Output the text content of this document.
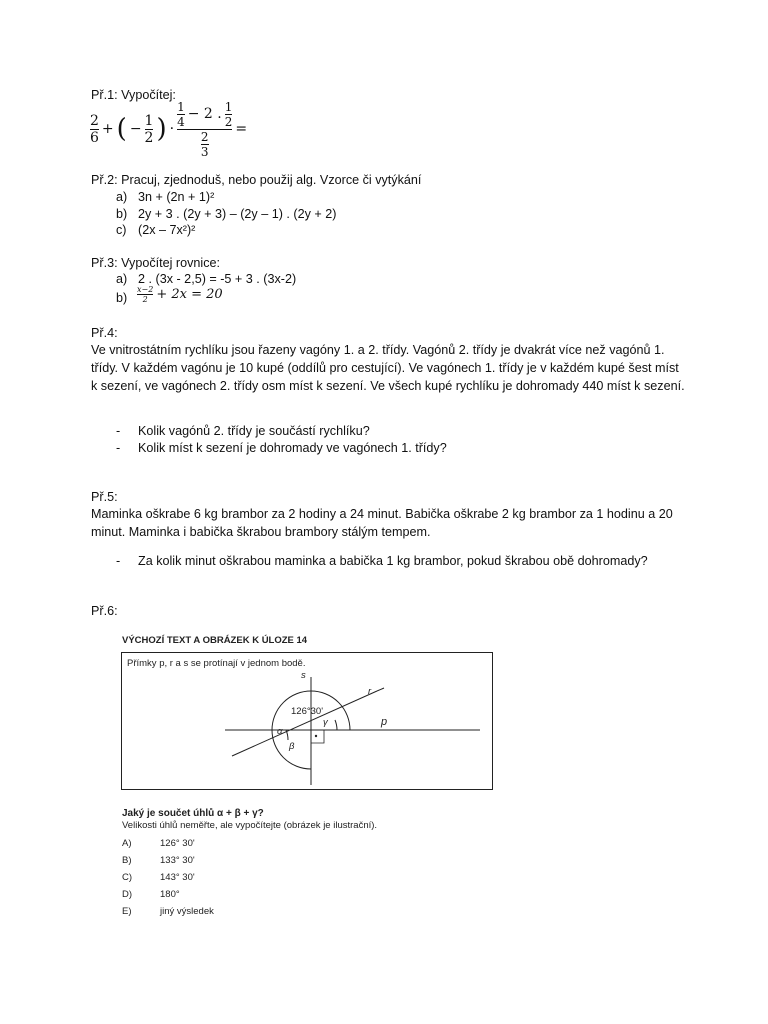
Př.1: Vypočítej:
$\frac{2}{6}$ + ( − $\frac{1}{2}$ ) ·
$\frac{1}{4} - 2$ . $\frac{1}{2}$
$\frac{2}{3}$
=
Př.2: Pracuj, zjednoduš, nebo použij alg. Vzorce či vytýkání
a) 3n + (2n + 1)²
b) 2y + 3 . (2y + 3) – (2y – 1) . (2y + 2)
c) (2x – 7x²)²
Př.3: Vypočítej rovnice:
a) 2 . (3x - 2,5) = -5 + 3 . (3x-2)
$b) \frac{x-2}{2} + 2x = 20$
Př.4:
Ve vnitrostátním rychlíku jsou řazeny vagóny 1. a 2. třídy. Vagónů 2. třídy je dvakrát více než vagónů 1. třídy. V každém vagónu je 10 kupé (oddílů pro cestující). Ve vagónech 1. třídy je v každém kupé šest míst k sezení, ve vagónech 2. třídy osm míst k sezení. Ve všech kupé rychlíku je dohromady 440 míst k sezení.
- Kolik vagónů 2. třídy je součástí rychlíku?
- Kolik míst k sezení je dohromady ve vagónech 1. třídy?
Př.5:
Maminka oškrabe 6 kg brambor za 2 hodiny a 24 minut. Babička oškrabe 2 kg brambor za 1 hodinu a 20 minut. Maminka i babička škrabou brambory stálým tempem.
- Za kolik minut oškrabou maminka a babička 1 kg brambor, pokud škrabou obě dohromady?
Př.6:
VÝCHOZÍ TEXT A OBRÁZEK K ÚLOZE 14
Přímky p, r a s se protínají v jednom bodě.
126°30'
s
r
p
α
β
γ
Jaký je součet úhlů α + β + γ?
Velikosti úhlů neměřte, ale vypočítejte (obrázek je ilustrační).
A)	126° 30'
B)	133° 30'
C)	143° 30'
D)	180°
E)	jiný výsledek
